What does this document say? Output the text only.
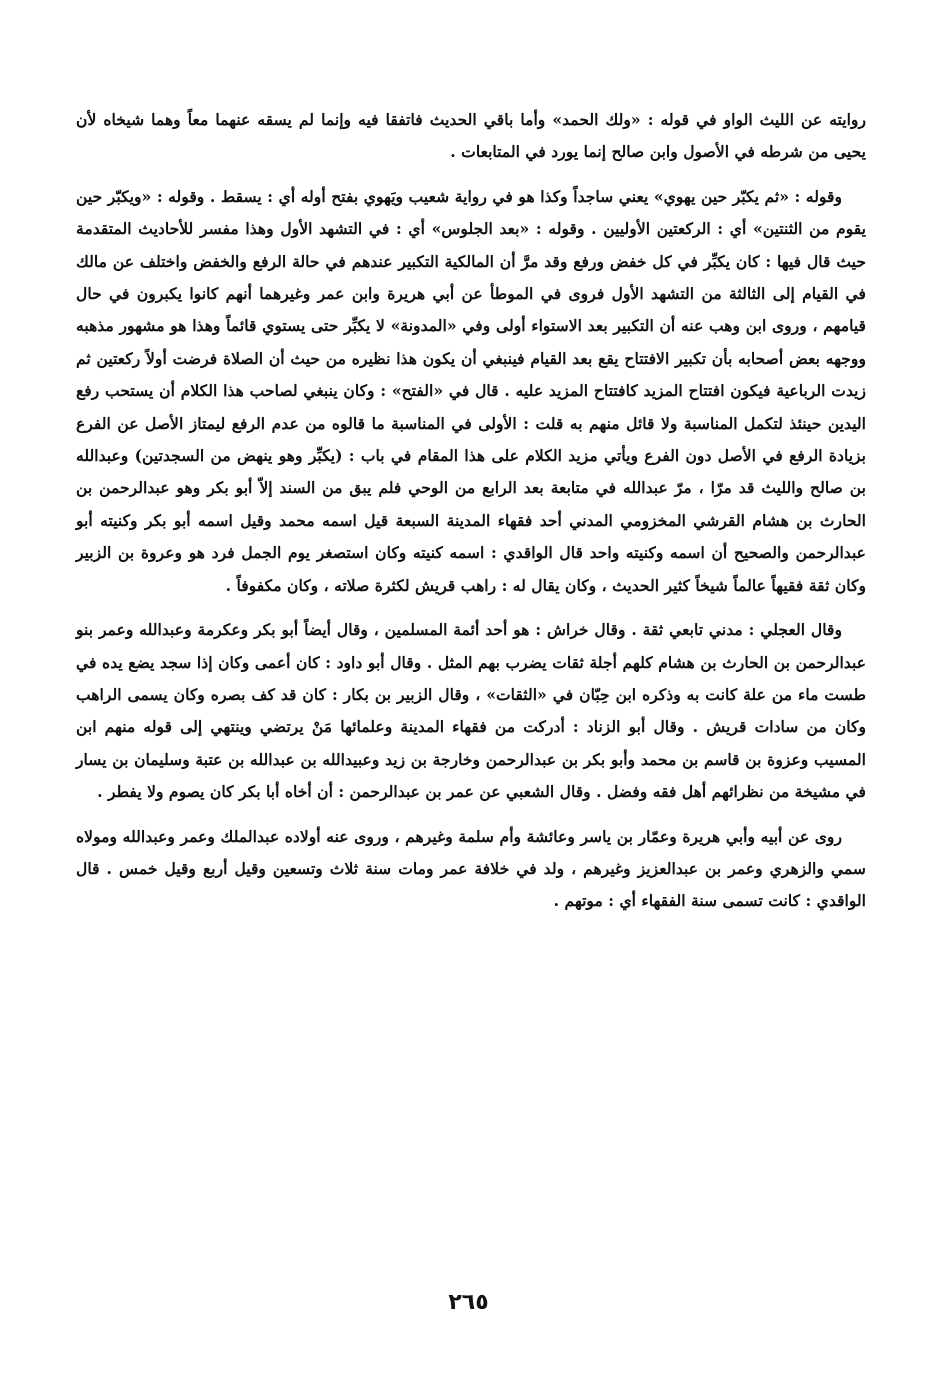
روايته عن الليث الواو في قوله : «ولك الحمد» وأما باقي الحديث فاتفقا فيه وإنما لم يسقه عنهما معاً وهما شيخاه لأن يحيى من شرطه في الأصول وابن صالح إنما يورد في المتابعات .

وقوله : «ثم يكبّر حين يهوي» يعني ساجداً وكذا هو في رواية شعيب ويَهوي بفتح أوله أي : يسقط . وقوله : «ويكبّر حين يقوم من الثنتين» أي : الركعتين الأوليين . وقوله : «بعد الجلوس» أي : في التشهد الأول وهذا مفسر للأحاديث المتقدمة حيث قال فيها : كان يكبِّر في كل خفض ورفع وقد مرَّ أن المالكية التكبير عندهم في حالة الرفع والخفض واختلف عن مالك في القيام إلى الثالثة من التشهد الأول فروى في الموطأ عن أبي هريرة وابن عمر وغيرهما أنهم كانوا يكبرون في حال قيامهم ، وروى ابن وهب عنه أن التكبير بعد الاستواء أولى وفي «المدونة» لا يكبِّر حتى يستوي قائماً وهذا هو مشهور مذهبه ووجهه بعض أصحابه بأن تكبير الافتتاح يقع بعد القيام فينبغي أن يكون هذا نظيره من حيث أن الصلاة فرضت أولاً ركعتين ثم زيدت الرباعية فيكون افتتاح المزيد كافتتاح المزيد عليه . قال في «الفتح» : وكان ينبغي لصاحب هذا الكلام أن يستحب رفع اليدين حينئذ لتكمل المناسبة ولا قائل منهم به قلت : الأولى في المناسبة ما قالوه من عدم الرفع ليمتاز الأصل عن الفرع بزيادة الرفع في الأصل دون الفرع ويأتي مزيد الكلام على هذا المقام في باب : (يكبِّر وهو ينهض من السجدتين) وعبدالله بن صالح والليث قد مرّا ، مرّ عبدالله في متابعة بعد الرابع من الوحي فلم يبق من السند إلاّ أبو بكر وهو عبدالرحمن بن الحارث بن هشام القرشي المخزومي المدني أحد فقهاء المدينة السبعة قيل اسمه محمد وقيل اسمه أبو بكر وكنيته أبو عبدالرحمن والصحيح أن اسمه وكنيته واحد قال الواقدي : اسمه كنيته وكان استصغر يوم الجمل فرد هو وعروة بن الزبير وكان ثقة فقيهاً عالماً شيخاً كثير الحديث ، وكان يقال له : راهب قريش لكثرة صلاته ، وكان مكفوفاً .

وقال العجلي : مدني تابعي ثقة . وقال خراش : هو أحد أئمة المسلمين ، وقال أيضاً أبو بكر وعكرمة وعبدالله وعمر بنو عبدالرحمن بن الحارث بن هشام كلهم أجلة ثقات يضرب بهم المثل . وقال أبو داود : كان أعمى وكان إذا سجد يضع يده في طست ماء من علة كانت به وذكره ابن حِبّان في «الثقات» ، وقال الزبير بن بكار : كان قد كف بصره وكان يسمى الراهب وكان من سادات قريش . وقال أبو الزناد : أدركت من فقهاء المدينة وعلمائها مَنْ يرتضي وينتهي إلى قوله منهم ابن المسيب وعزوة بن قاسم بن محمد وأبو بكر بن عبدالرحمن وخارجة بن زيد وعبيدالله بن عبدالله بن عتبة وسليمان بن يسار في مشيخة من نظرائهم أهل فقه وفضل . وقال الشعبي عن عمر بن عبدالرحمن : أن أخاه أبا بكر كان يصوم ولا يفطر .

روى عن أبيه وأبي هريرة وعمّار بن ياسر وعائشة وأم سلمة وغيرهم ، وروى عنه أولاده عبدالملك وعمر وعبدالله ومولاه سمي والزهري وعمر بن عبدالعزيز وغيرهم ، ولد في خلافة عمر ومات سنة ثلاث وتسعين وقيل أربع وقيل خمس . قال الواقدي : كانت تسمى سنة الفقهاء أي : موتهم .

٢٦٥
